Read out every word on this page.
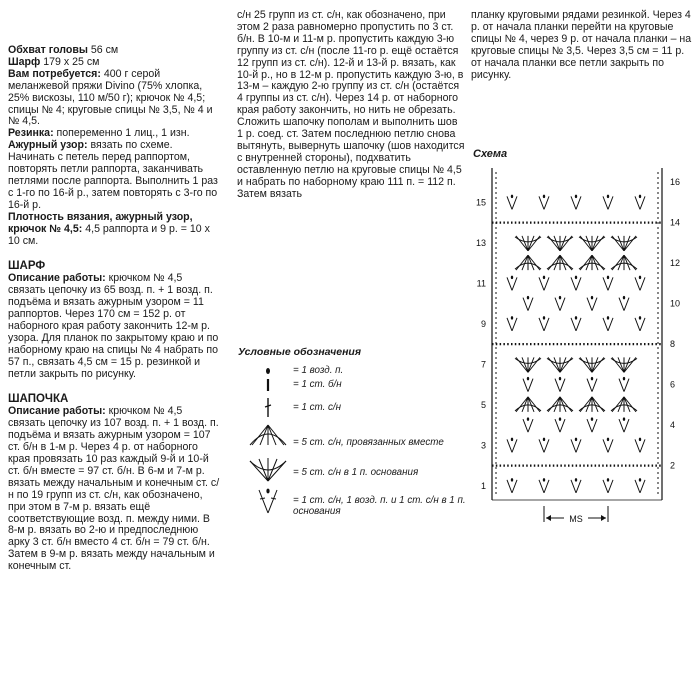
Обхват головы 56 см

Шарф 179 х 25 см

Вам потребуется: 400 г серой меланжевой пряжи Divino (75% хлопка, 25% вискозы, 110 м/50 г); крючок № 4,5; спицы № 4; круговые спицы № 3,5, № 4 и № 4,5.

Резинка: попеременно 1 лиц., 1 изн.

Ажурный узор: вязать по схеме. Начинать с петель перед раппортом, повторять петли раппорта, заканчивать петлями после раппорта. Выполнить 1 раз с 1-го по 16-й р., затем повторять с 3-го по 16-й р.

Плотность вязания, ажурный узор, крючок № 4,5: 4,5 раппорта и 9 р. = 10 х 10 см.

ШАРФ

Описание работы: крючком № 4,5 связать цепочку из 65 возд. п. + 1 возд. п. подъёма и вязать ажурным узором = 11 раппортов. Через 170 см = 152 р. от наборного края работу закончить 12-м р. узора. Для планок по закрытому краю и по наборному краю на спицы № 4 набрать по 57 п., связать 4,5 см = 15 р. резинкой и петли закрыть по рисунку.

ШАПОЧКА

Описание работы: крючком № 4,5 связать цепочку из 107 возд. п. + 1 возд. п. подъёма и вязать ажурным узором = 107 ст. б/н в 1-м р. Через 4 р. от наборного края провязать 10 раз каждый 9-й и 10-й ст. б/н вместе = 97 ст. б/н. В 6-м и 7-м р. вязать между начальным и конечным ст. с/н по 19 групп из ст. с/н, как обозначено, при этом в 7-м р. вязать ещё соответствующие возд. п. между ними. В 8-м р. вязать во 2-ю и предпоследнюю арку 3 ст. б/н вместо 4 ст. б/н = 79 ст. б/н. Затем в 9-м р. вязать между начальным и конечным ст.

с/н 25 групп из ст. с/н, как обозначено, при этом 2 раза равномерно пропустить по 3 ст. б/н. В 10-м и 11-м р. пропустить каждую 3-ю группу из ст. с/н (после 11-го р. ещё остаётся 12 групп из ст. с/н). 12-й и 13-й р. вязать, как 10-й р., но в 12-м р. пропустить каждую 3-ю, в 13-м – каждую 2-ю группу из ст. с/н (остаётся 4 группы из ст. с/н). Через 14 р. от наборного края работу закончить, но нить не обрезать. Сложить шапочку пополам и выполнить шов 1 р. соед. ст. Затем последнюю петлю снова вытянуть, вывернуть шапочку (шов находится с внутренней стороны), подхватить оставленную петлю на круговые спицы № 4,5 и набрать по наборному краю 111 п. = 112 п. Затем вязать

планку круговыми рядами резинкой. Через 4 р. от начала планки перейти на круговые спицы № 4, через 9 р. от начала планки – на круговые спицы № 3,5. Через 3,5 см = 11 р. от начала планки все петли закрыть по рисунку.

Условные обозначения
= 1 возд. п.
= 1 ст. б/н
= 1 ст. с/н
= 5 ст. с/н, провязанных вместе
= 5 ст. с/н в 1 п. основания
= 1 ст. с/н, 1 возд. п. и 1 ст. с/н в 1 п. основания
Схема
15
13
11
9
7
5
3
1
16
14
12
10
8
6
4
2
MS
